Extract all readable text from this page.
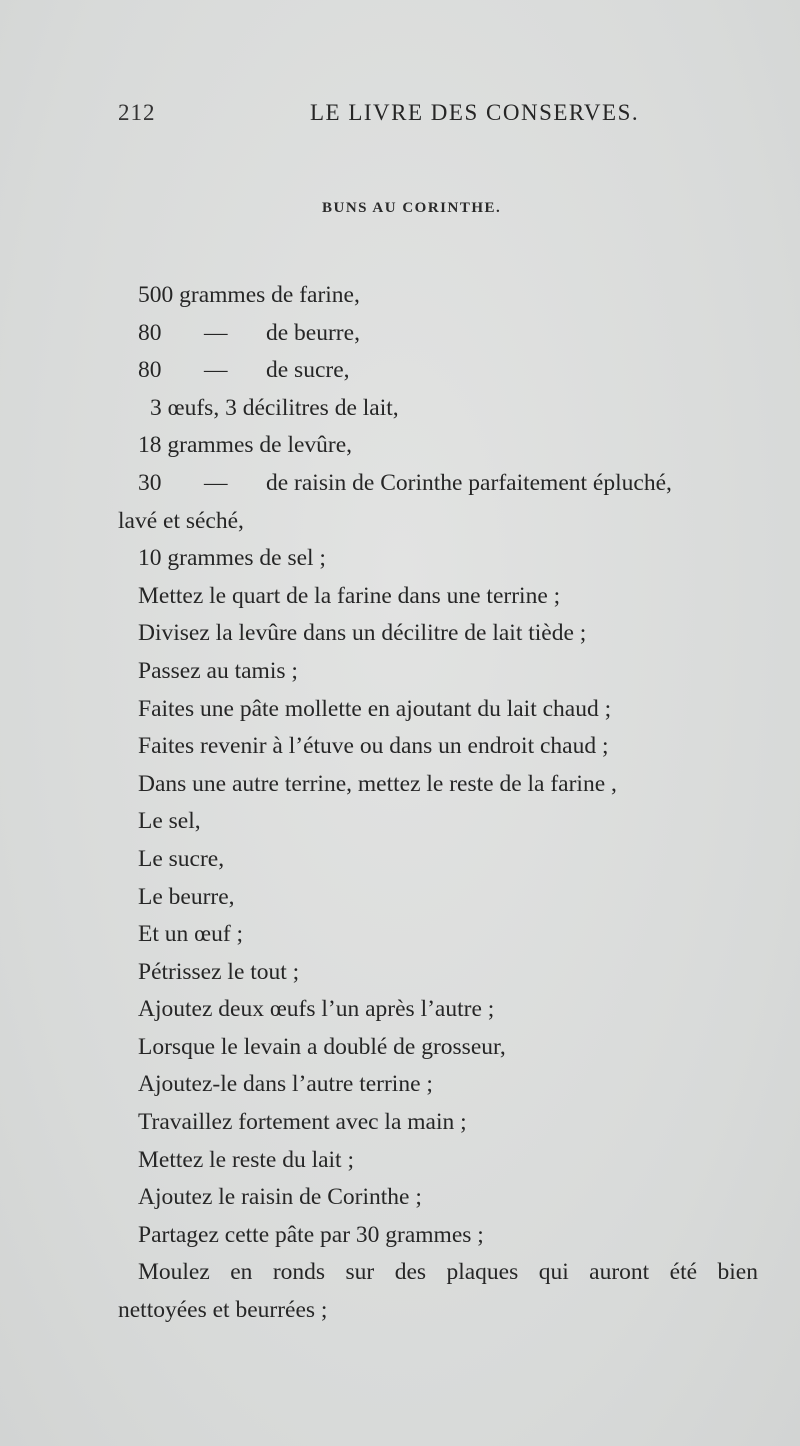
212	LE LIVRE DES CONSERVES.
BUNS AU CORINTHE.
500 grammes de farine,
80	—	de beurre,
80	—	de sucre,
3 œufs, 3 décilitres de lait,
18 grammes de levûre,
30	—	de raisin de Corinthe parfaitement épluché,
lavé et séché,
10 grammes de sel ;
Mettez le quart de la farine dans une terrine ;
Divisez la levûre dans un décilitre de lait tiède ;
Passez au tamis ;
Faites une pâte mollette en ajoutant du lait chaud ;
Faites revenir à l’étuve ou dans un endroit chaud ;
Dans une autre terrine, mettez le reste de la farine ,
Le sel,
Le sucre,
Le beurre,
Et un œuf ;
Pétrissez le tout ;
Ajoutez deux œufs l’un après l’autre ;
Lorsque le levain a doublé de grosseur,
Ajoutez-le dans l’autre terrine ;
Travaillez fortement avec la main ;
Mettez le reste du lait ;
Ajoutez le raisin de Corinthe ;
Partagez cette pâte par 30 grammes ;
Moulez en ronds sur des plaques qui auront été bien
nettoyées et beurrées ;
